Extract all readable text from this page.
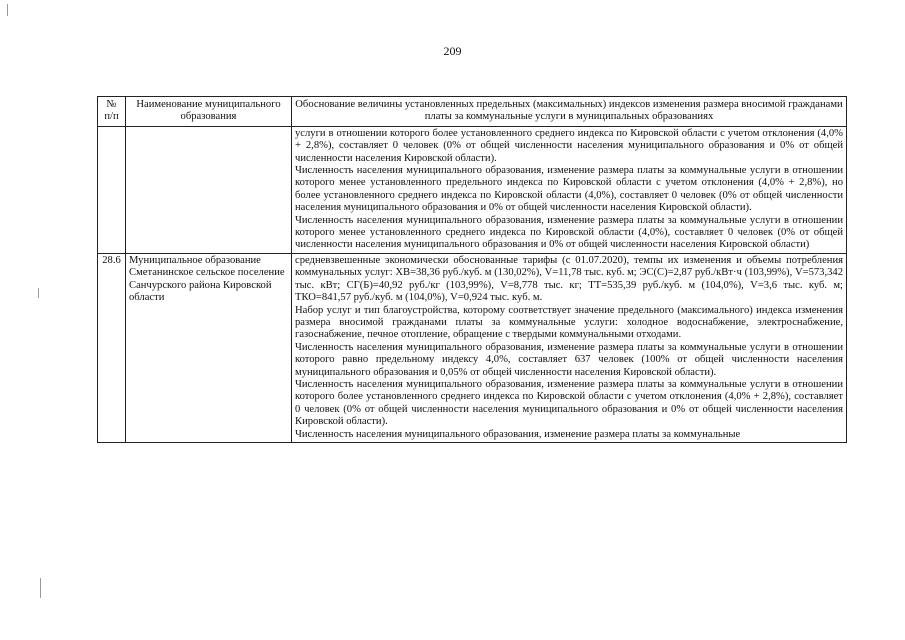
209
№ п/п	Наименование муниципального образования	Обоснование величины установленных предельных (максимальных) индексов изменения размера вносимой гражданами платы за коммунальные услуги в муниципальных образованиях

		услуги в отношении которого более установленного среднего индекса по Кировской области с учетом отклонения (4,0% + 2,8%), составляет 0 человек (0% от общей численности населения муниципального образования и 0% от общей численности населения Кировской области).

Численность населения муниципального образования, изменение размера платы за коммунальные услуги в отношении которого менее установленного предельного индекса по Кировской области с учетом отклонения (4,0% + 2,8%), но более установленного среднего индекса по Кировской области (4,0%), составляет 0 человек (0% от общей численности населения муниципального образования и 0% от общей численности населения Кировской области).

Численность населения муниципального образования, изменение размера платы за коммунальные услуги в отношении которого менее установленного среднего индекса по Кировской области (4,0%), составляет 0 человек (0% от общей численности населения муниципального образования и 0% от общей численности населения Кировской области)

28.6	Муниципальное образование Сметанинское сельское поселение Санчурского района Кировской области	средневзвешенные экономически обоснованные тарифы (с 01.07.2020), темпы их изменения и объемы потребления коммунальных услуг: ХВ=38,36 руб./куб. м (130,02%), V=11,78 тыс. куб. м; ЭС(С)=2,87 руб./кВт·ч (103,99%), V=573,342 тыс. кВт; СГ(Б)=40,92 руб./кг (103,99%), V=8,778 тыс. кг; ТТ=535,39 руб./куб. м (104,0%), V=3,6 тыс. куб. м; ТКО=841,57 руб./куб. м (104,0%), V=0,924 тыс. куб. м.

Набор услуг и тип благоустройства, которому соответствует значение предельного (максимального) индекса изменения размера вносимой гражданами платы за коммунальные услуги: холодное водоснабжение, электроснабжение, газоснабжение, печное отопление, обращение с твердыми коммунальными отходами.

Численность населения муниципального образования, изменение размера платы за коммунальные услуги в отношении которого равно предельному индексу 4,0%, составляет 637 человек (100% от общей численности населения муниципального образования и 0,05% от общей численности населения Кировской области).

Численность населения муниципального образования, изменение размера платы за коммунальные услуги в отношении которого более установленного среднего индекса по Кировской области с учетом отклонения (4,0% + 2,8%), составляет 0 человек (0% от общей численности населения муниципального образования и 0% от общей численности населения Кировской области).

Численность населения муниципального образования, изменение размера платы за коммунальные
